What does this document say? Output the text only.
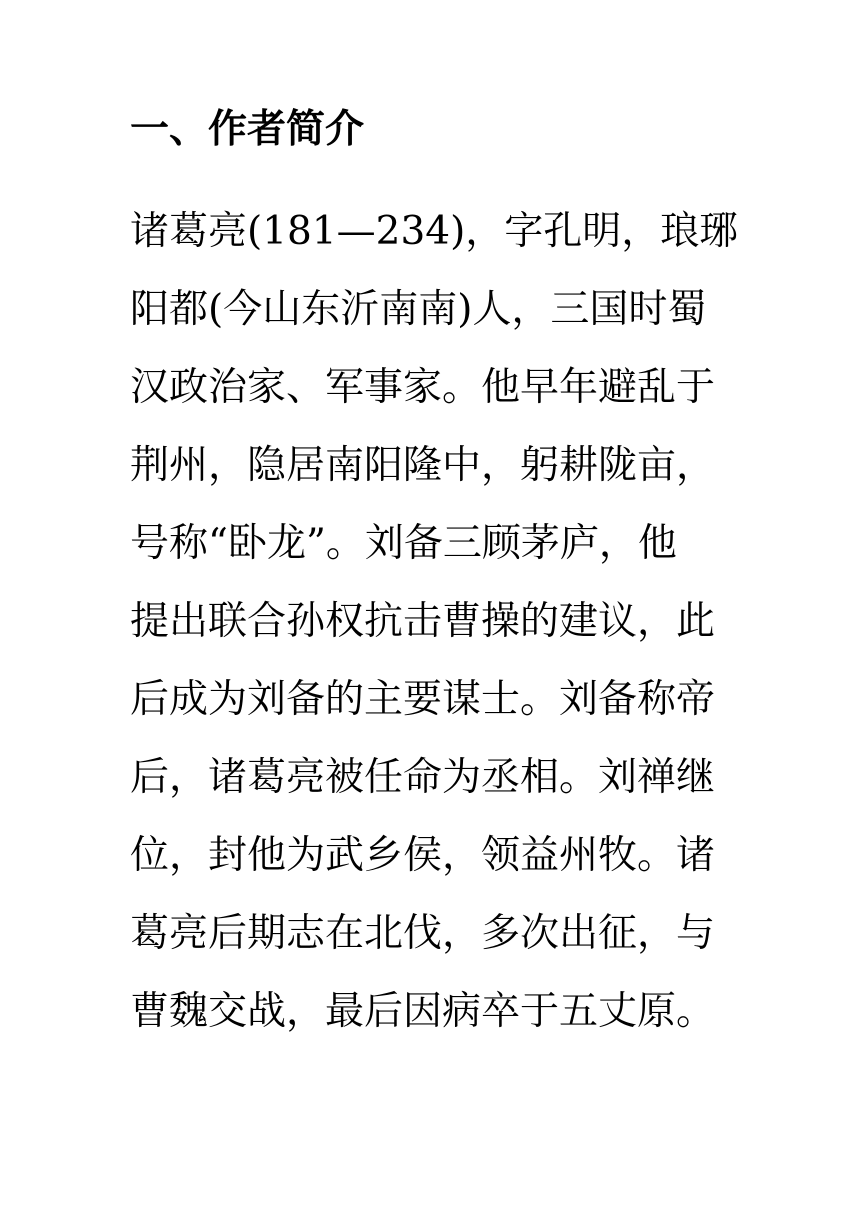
一、作者简介
诸葛亮(181—234)，字孔明，琅琊
阳都(今山东沂南南)人，三国时蜀
汉政治家、军事家。他早年避乱于
荆州，隐居南阳隆中，躬耕陇亩，
号称“卧龙”。刘备三顾茅庐，他
提出联合孙权抗击曹操的建议，此
后成为刘备的主要谋士。刘备称帝
后，诸葛亮被任命为丞相。刘禅继
位，封他为武乡侯，领益州牧。诸
葛亮后期志在北伐，多次出征，与
曹魏交战，最后因病卒于五丈原。
